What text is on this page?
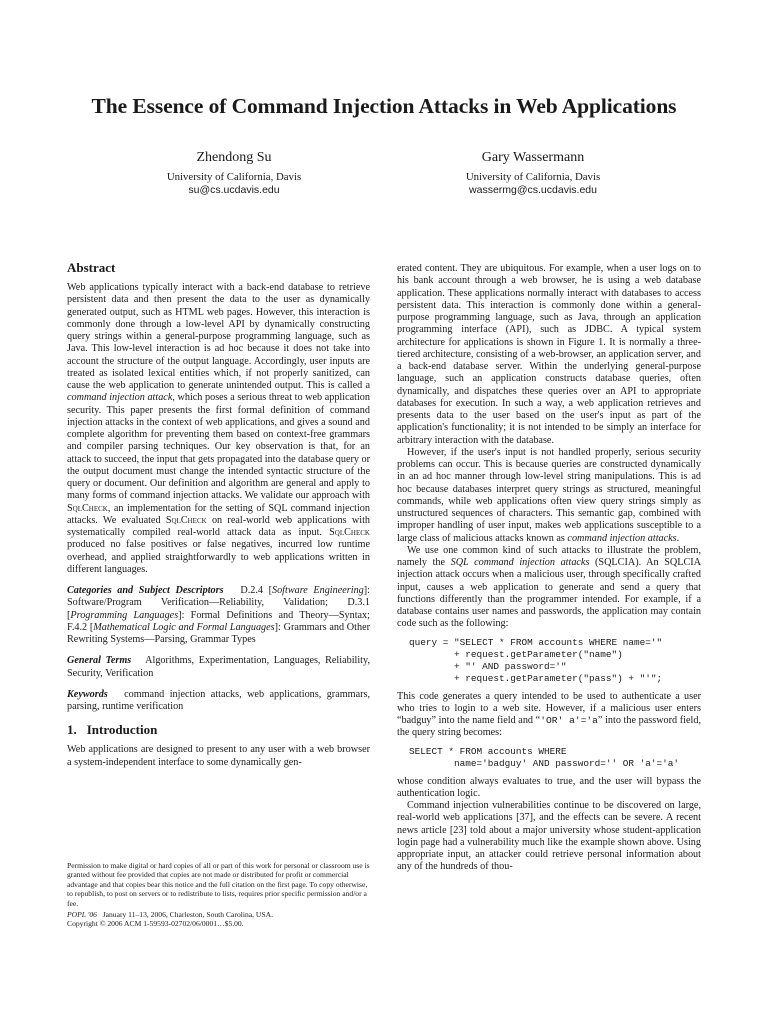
The Essence of Command Injection Attacks in Web Applications
Zhendong Su
University of California, Davis
su@cs.ucdavis.edu
Gary Wassermann
University of California, Davis
wassermg@cs.ucdavis.edu
Abstract

Web applications typically interact with a back-end database to retrieve persistent data and then present the data to the user as dynamically generated output, such as HTML web pages. However, this interaction is commonly done through a low-level API by dynamically constructing query strings within a general-purpose programming language, such as Java. This low-level interaction is ad hoc because it does not take into account the structure of the output language. Accordingly, user inputs are treated as isolated lexical entities which, if not properly sanitized, can cause the web application to generate unintended output. This is called a command injection attack, which poses a serious threat to web application security. This paper presents the first formal definition of command injection attacks in the context of web applications, and gives a sound and complete algorithm for preventing them based on context-free grammars and compiler parsing techniques. Our key observation is that, for an attack to succeed, the input that gets propagated into the database query or the output document must change the intended syntactic structure of the query or document. Our definition and algorithm are general and apply to many forms of command injection attacks. We validate our approach with SqlCheck, an implementation for the setting of SQL command injection attacks. We evaluated SqlCheck on real-world web applications with systematically compiled real-world attack data as input. SqlCheck produced no false positives or false negatives, incurred low runtime overhead, and applied straightforwardly to web applications written in different languages.

Categories and Subject Descriptors D.2.4 [Software Engineering]: Software/Program Verification—Reliability, Validation; D.3.1 [Programming Languages]: Formal Definitions and Theory—Syntax; F.4.2 [Mathematical Logic and Formal Languages]: Grammars and Other Rewriting Systems—Parsing, Grammar Types

General Terms Algorithms, Experimentation, Languages, Reliability, Security, Verification

Keywords command injection attacks, web applications, grammars, parsing, runtime verification

1. Introduction

Web applications are designed to present to any user with a web browser a system-independent interface to some dynamically gen-

Permission to make digital or hard copies of all or part of this work for personal or classroom use is granted without fee provided that copies are not made or distributed for profit or commercial advantage and that copies bear this notice and the full citation on the first page. To copy otherwise, to republish, to post on servers or to redistribute to lists, requires prior specific permission and/or a fee.
POPL '06 January 11–13, 2006, Charleston, South Carolina, USA.
Copyright © 2006 ACM 1-59593-02702/06/0001…$5.00.

erated content. They are ubiquitous. For example, when a user logs on to his bank account through a web browser, he is using a web database application. These applications normally interact with databases to access persistent data. This interaction is commonly done within a general-purpose programming language, such as Java, through an application programming interface (API), such as JDBC. A typical system architecture for applications is shown in Figure 1. It is normally a three-tiered architecture, consisting of a web-browser, an application server, and a back-end database server. Within the underlying general-purpose language, such an application constructs database queries, often dynamically, and dispatches these queries over an API to appropriate databases for execution. In such a way, a web application retrieves and presents data to the user based on the user's input as part of the application's functionality; it is not intended to be simply an interface for arbitrary interaction with the database.

However, if the user's input is not handled properly, serious security problems can occur. This is because queries are constructed dynamically in an ad hoc manner through low-level string manipulations. This is ad hoc because databases interpret query strings as structured, meaningful commands, while web applications often view query strings simply as unstructured sequences of characters. This semantic gap, combined with improper handling of user input, makes web applications susceptible to a large class of malicious attacks known as command injection attacks.

We use one common kind of such attacks to illustrate the problem, namely the SQL command injection attacks (SQLCIA). An SQLCIA injection attack occurs when a malicious user, through specifically crafted input, causes a web application to generate and send a query that functions differently than the programmer intended. For example, if a database contains user names and passwords, the application may contain code such as the following:

query = "SELECT * FROM accounts WHERE name='"
+ request.getParameter("name")
+ "' AND password='"
+ request.getParameter("pass") + "'";

This code generates a query intended to be used to authenticate a user who tries to login to a web site. However, if a malicious user enters “badguy” into the name field and “'OR' a'='a” into the password field, the query string becomes:

SELECT * FROM accounts WHERE
name='badguy' AND password='' OR 'a'='a'

whose condition always evaluates to true, and the user will bypass the authentication logic.

Command injection vulnerabilities continue to be discovered on large, real-world web applications [37], and the effects can be severe. A recent news article [23] told about a major university whose student-application login page had a vulnerability much like the example shown above. Using appropriate input, an attacker could retrieve personal information about any of the hundreds of thou-
